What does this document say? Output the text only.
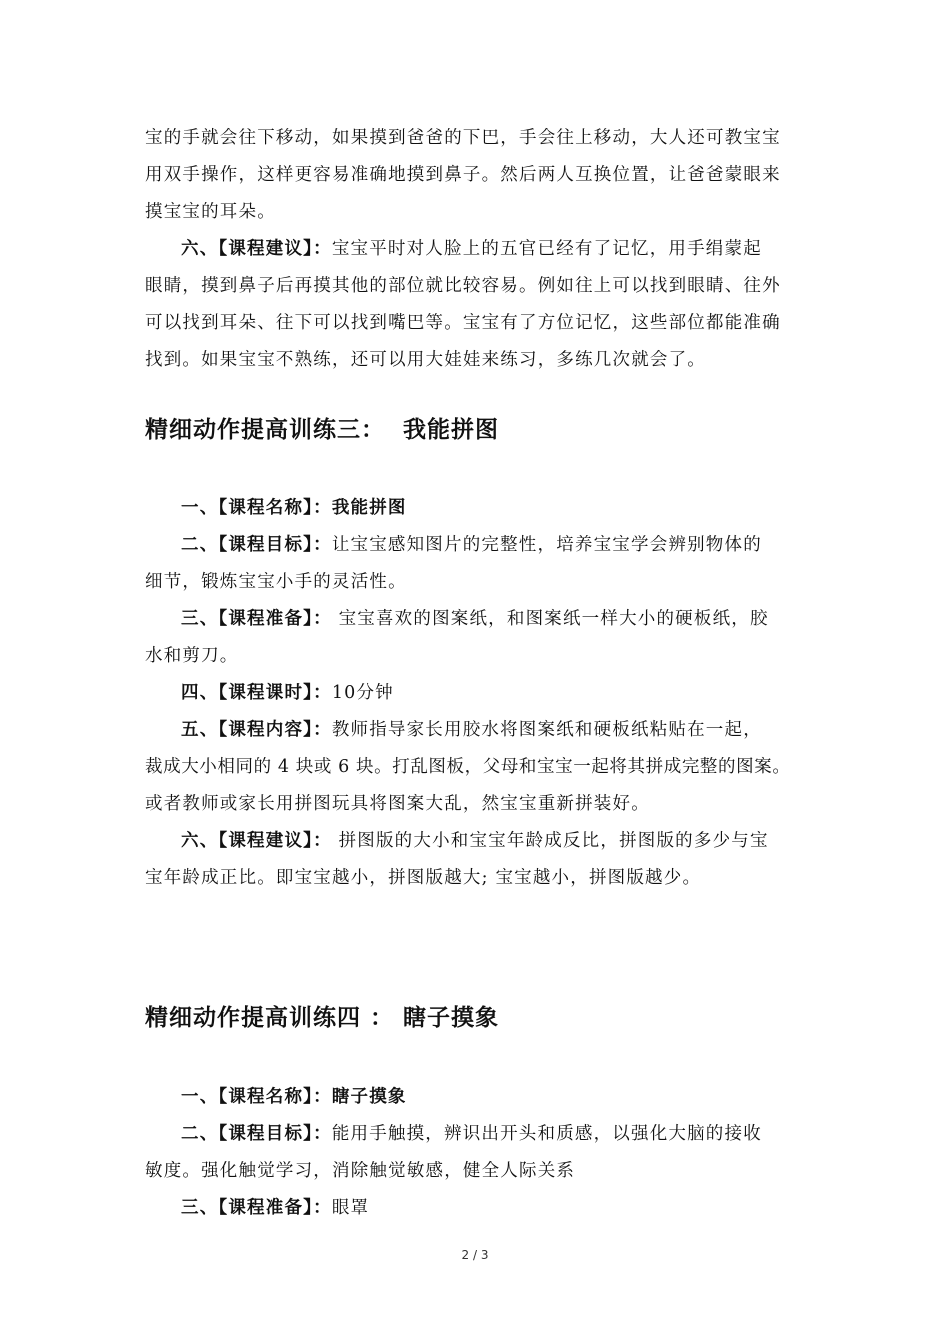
宝的手就会往下移动，如果摸到爸爸的下巴，手会往上移动，大人还可教宝宝
用双手操作，这样更容易准确地摸到鼻子。然后两人互换位置，让爸爸蒙眼来
摸宝宝的耳朵。
六、【课程建议】：宝宝平时对人脸上的五官已经有了记忆，用手绢蒙起
眼睛，摸到鼻子后再摸其他的部位就比较容易。例如往上可以找到眼睛、往外
可以找到耳朵、往下可以找到嘴巴等。宝宝有了方位记忆，这些部位都能准确
找到。如果宝宝不熟练，还可以用大娃娃来练习，多练几次就会了。
精细动作提高训练三：  我能拼图
一、【课程名称】：我能拼图
二、【课程目标】：让宝宝感知图片的完整性，培养宝宝学会辨别物体的
细节，锻炼宝宝小手的灵活性。
三、【课程准备】： 宝宝喜欢的图案纸，和图案纸一样大小的硬板纸，胶
水和剪刀。
四、【课程课时】：10分钟
五、【课程内容】：教师指导家长用胶水将图案纸和硬板纸粘贴在一起，
裁成大小相同的 4 块或 6 块。打乱图板，父母和宝宝一起将其拼成完整的图案。
或者教师或家长用拼图玩具将图案大乱，然宝宝重新拼装好。
六、【课程建议】： 拼图版的大小和宝宝年龄成反比，拼图版的多少与宝
宝年龄成正比。即宝宝越小，拼图版越大; 宝宝越小，拼图版越少。
精细动作提高训练四 ： 瞎子摸象
一、【课程名称】：瞎子摸象
二、【课程目标】：能用手触摸，辨识出开头和质感，以强化大脑的接收
敏度。强化触觉学习，消除触觉敏感，健全人际关系
三、【课程准备】：眼罩
2 / 3
